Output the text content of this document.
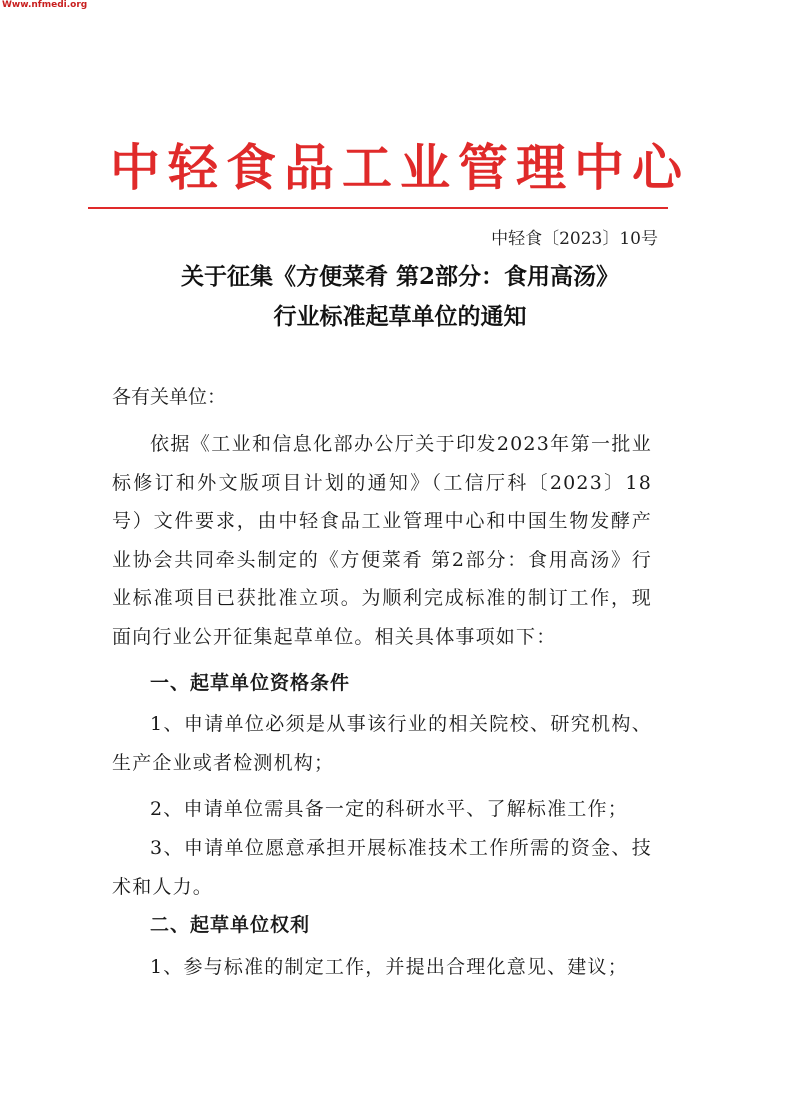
Www.nfmedi.org
中轻食品工业管理中心
中轻食〔2023〕10号
关于征集《方便菜肴 第2部分：食用高汤》
行业标准起草单位的通知
各有关单位：
依据《工业和信息化部办公厅关于印发2023年第一批业标修订和外文版项目计划的通知》（工信厅科〔2023〕18号）文件要求，由中轻食品工业管理中心和中国生物发酵产业协会共同牵头制定的《方便菜肴 第2部分：食用高汤》行业标准项目已获批准立项。为顺利完成标准的制订工作，现面向行业公开征集起草单位。相关具体事项如下：
一、起草单位资格条件
1、申请单位必须是从事该行业的相关院校、研究机构、生产企业或者检测机构；
2、申请单位需具备一定的科研水平、了解标准工作；
3、申请单位愿意承担开展标准技术工作所需的资金、技术和人力。
二、起草单位权利
1、参与标准的制定工作，并提出合理化意见、建议；
